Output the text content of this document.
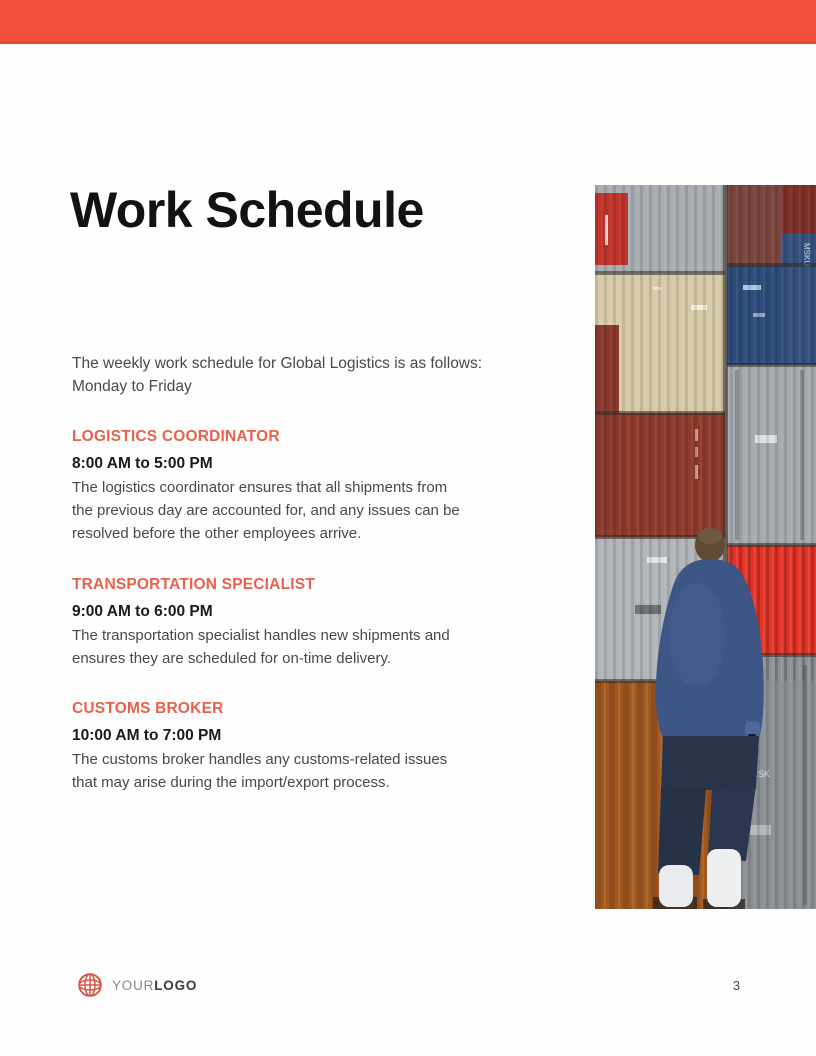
Work Schedule
The weekly work schedule for Global Logistics is as follows:
Monday to Friday
LOGISTICS COORDINATOR
8:00 AM to 5:00 PM
The logistics coordinator ensures that all shipments from
the previous day are accounted for, and any issues can be
resolved before the other employees arrive.
TRANSPORTATION SPECIALIST
9:00 AM to 6:00 PM
The transportation specialist handles new shipments and
ensures they are scheduled for on-time delivery.
CUSTOMS BROKER
10:00 AM to 7:00 PM
The customs broker handles any customs-related issues
that may arise during the import/export process.
YOURLOGO	3
